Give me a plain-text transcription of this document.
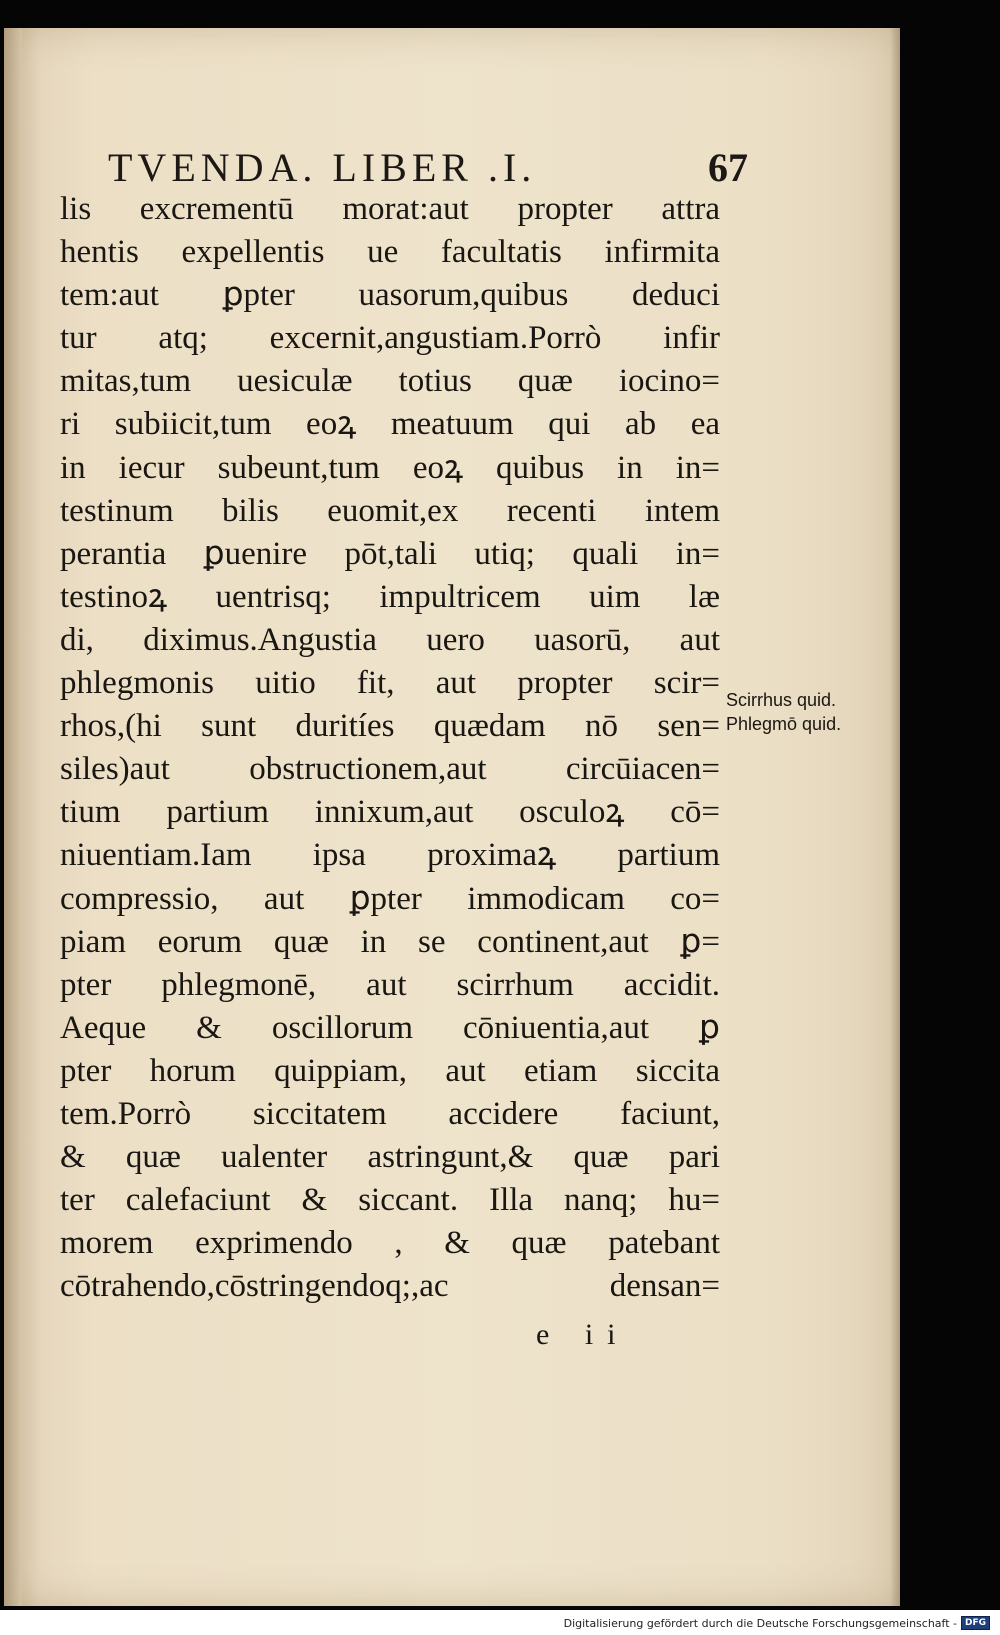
TVENDA. LIBER .I.	67
lis excrementū morat:aut propter attra
hentis expellentis ue facultatis infirmita
tem:aut ꝑpter uasorum,quibus deduci
tur atq; excernit,angustiam.Porrò infir
mitas,tum uesiculæ totius quæ iocino=
ri subiicit,tum eoꝝ meatuum qui ab ea
in iecur subeunt,tum eoꝝ quibus in in=
testinum bilis euomit,ex recenti intem
perantia ꝑuenire pōt,tali utiq; quali in=
testinoꝝ uentrisq; impultricem uim læ
di, diximus.Angustia uero uasorū, aut
phlegmonis uitio fit, aut propter scir=
rhos,(hi sunt duritíes quædam nō sen=
siles)aut obstructionem,aut circūiacen=
tium partium innixum,aut osculoꝝ cō=
niuentiam.Iam ipsa proximaꝝ partium
compressio, aut ꝑpter immodicam co=
piam eorum quæ in se continent,aut ꝑ=
pter phlegmonē, aut scirrhum accidit.
Aeque & oscillorum cōniuentia,aut ꝑ
pter horum quippiam, aut etiam siccita
tem.Porrò siccitatem accidere faciunt,
& quæ ualenter astringunt,& quæ pari
ter calefaciunt & siccant. Illa nanq; hu=
morem exprimendo , & quæ patebant
cōtrahendo,cōstringendoq;,ac densan=
Scirrhus quid.
Phlegmō quid.
e ii
Digitalisierung gefördert durch die Deutsche Forschungsgemeinschaft - DFG
